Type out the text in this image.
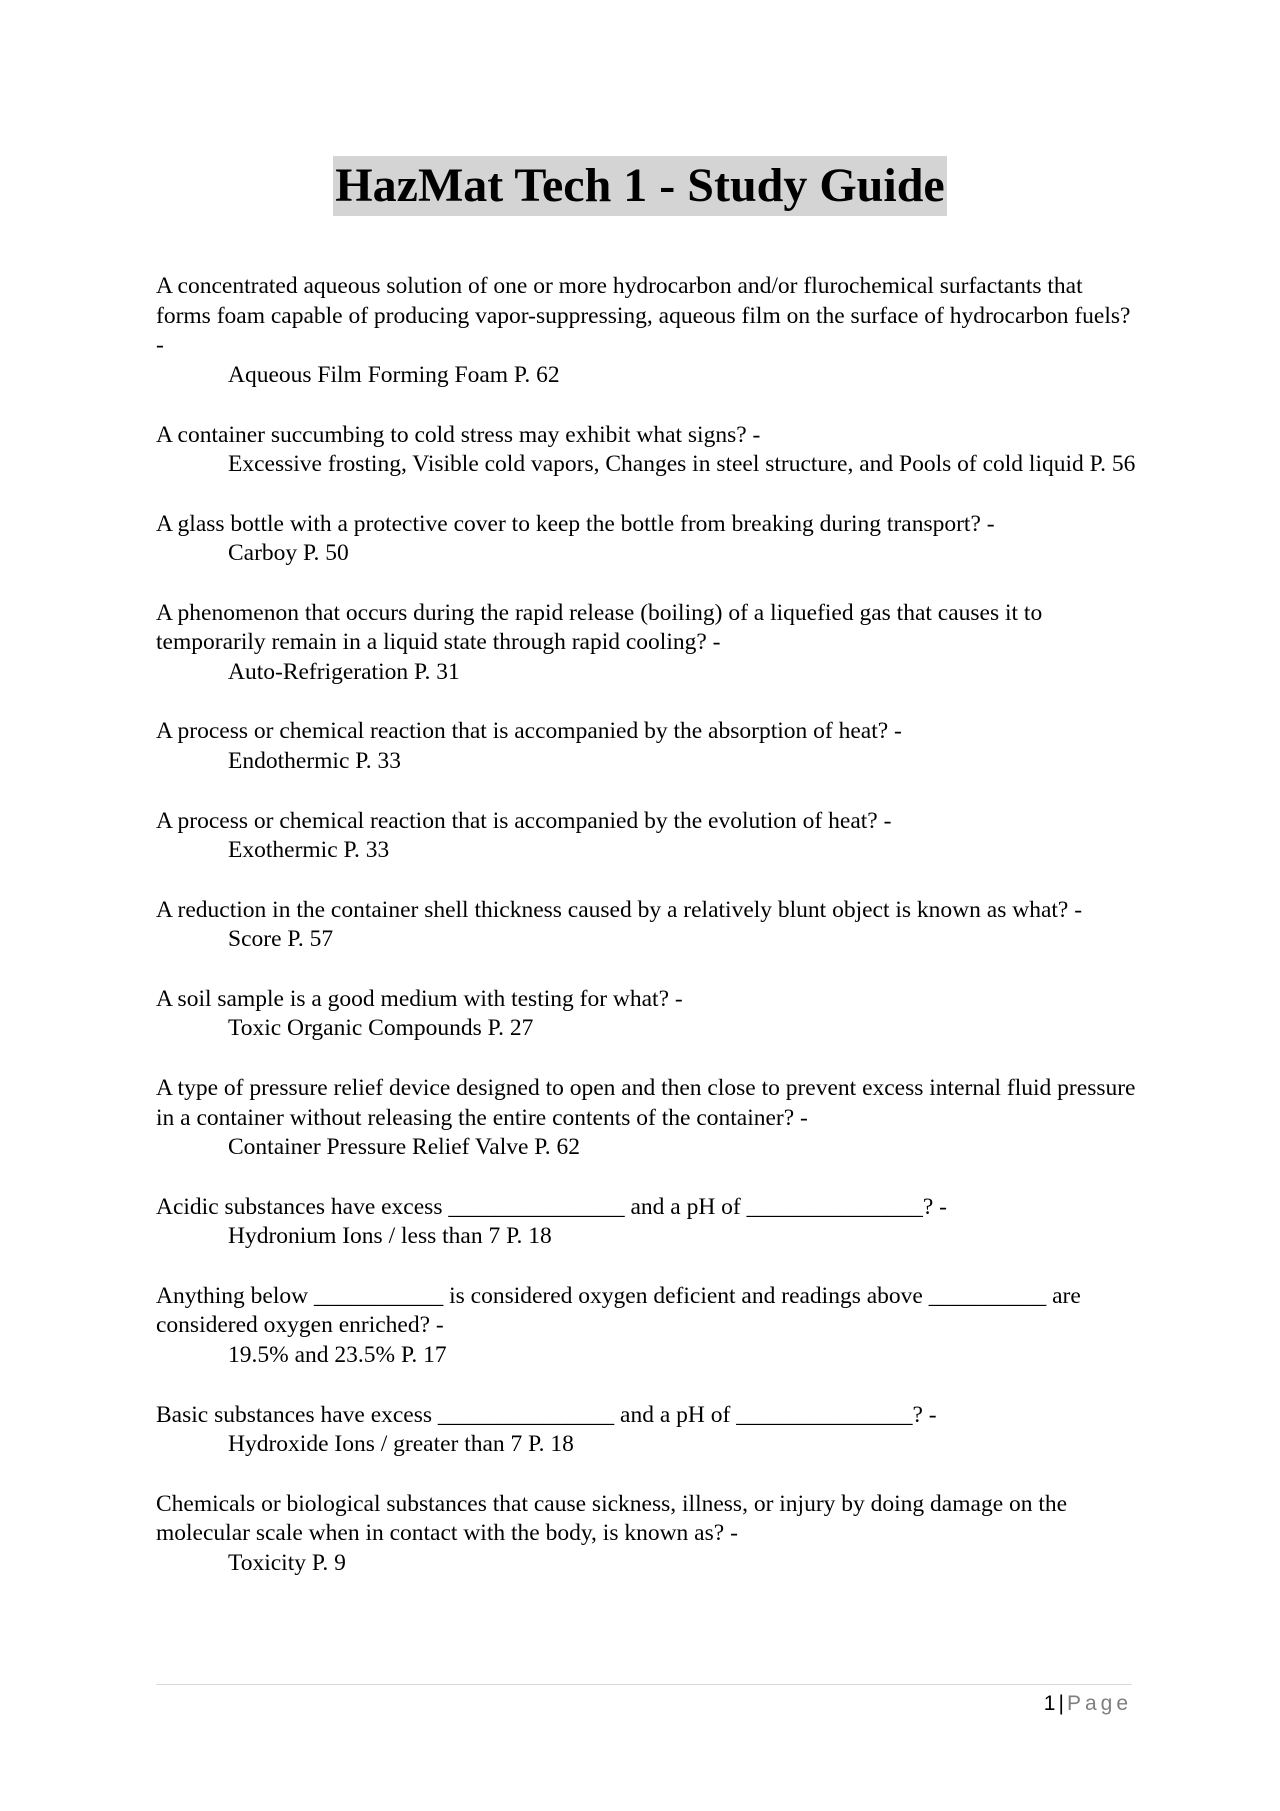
HazMat Tech 1 - Study Guide

A concentrated aqueous solution of one or more hydrocarbon and/or flurochemical surfactants that forms foam capable of producing vapor-suppressing, aqueous film on the surface of hydrocarbon fuels? -

Aqueous Film Forming Foam P. 62

A container succumbing to cold stress may exhibit what signs? -

Excessive frosting, Visible cold vapors, Changes in steel structure, and Pools of cold liquid P. 56

A glass bottle with a protective cover to keep the bottle from breaking during transport? -

Carboy P. 50

A phenomenon that occurs during the rapid release (boiling) of a liquefied gas that causes it to temporarily remain in a liquid state through rapid cooling? -

Auto-Refrigeration P. 31

A process or chemical reaction that is accompanied by the absorption of heat? -

Endothermic P. 33

A process or chemical reaction that is accompanied by the evolution of heat? -

Exothermic P. 33

A reduction in the container shell thickness caused by a relatively blunt object is known as what? -

Score P. 57

A soil sample is a good medium with testing for what? -

Toxic Organic Compounds P. 27

A type of pressure relief device designed to open and then close to prevent excess internal fluid pressure in a container without releasing the entire contents of the container? -

Container Pressure Relief Valve P. 62

Acidic substances have excess _______________ and a pH of _______________? -

Hydronium Ions / less than 7 P. 18

Anything below ___________ is considered oxygen deficient and readings above __________ are considered oxygen enriched? -

19.5% and 23.5% P. 17

Basic substances have excess _______________ and a pH of _______________? -

Hydroxide Ions / greater than 7 P. 18

Chemicals or biological substances that cause sickness, illness, or injury by doing damage on the molecular scale when in contact with the body, is known as? -

Toxicity P. 9

1 | Page
